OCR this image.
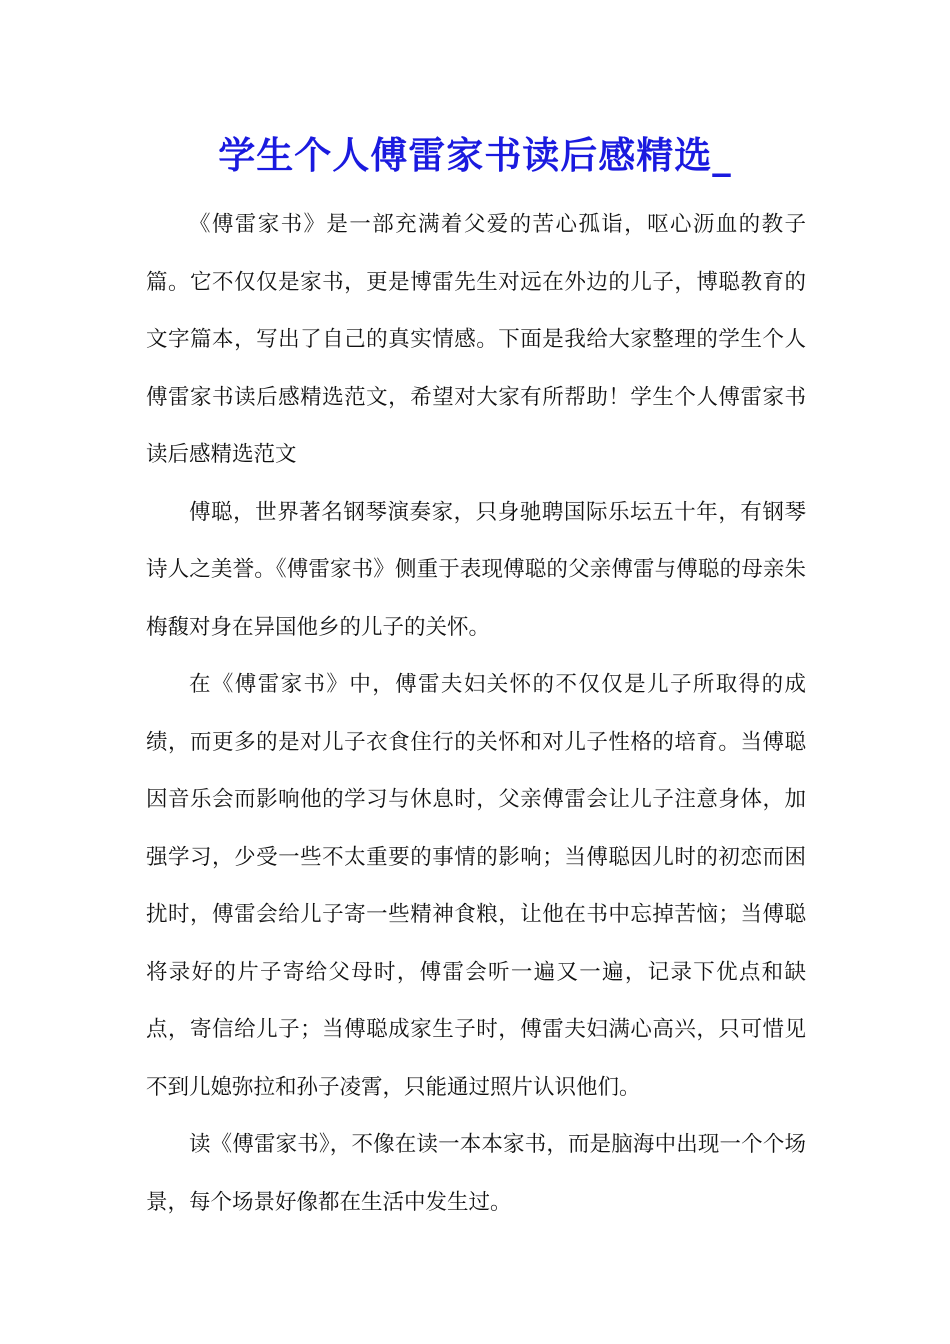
学生个人傅雷家书读后感精选_

《傅雷家书》是一部充满着父爱的苦心孤诣，呕心沥血的教子篇。它不仅仅是家书，更是博雷先生对远在外边的儿子，博聪教育的文字篇本，写出了自己的真实情感。下面是我给大家整理的学生个人傅雷家书读后感精选范文，希望对大家有所帮助！学生个人傅雷家书读后感精选范文

傅聪，世界著名钢琴演奏家，只身驰聘国际乐坛五十年，有钢琴诗人之美誉。《傅雷家书》侧重于表现傅聪的父亲傅雷与傅聪的母亲朱梅馥对身在异国他乡的儿子的关怀。

在《傅雷家书》中，傅雷夫妇关怀的不仅仅是儿子所取得的成绩，而更多的是对儿子衣食住行的关怀和对儿子性格的培育。当傅聪因音乐会而影响他的学习与休息时，父亲傅雷会让儿子注意身体，加强学习，少受一些不太重要的事情的影响；当傅聪因儿时的初恋而困扰时，傅雷会给儿子寄一些精神食粮，让他在书中忘掉苦恼；当傅聪将录好的片子寄给父母时，傅雷会听一遍又一遍，记录下优点和缺点，寄信给儿子；当傅聪成家生子时，傅雷夫妇满心高兴，只可惜见不到儿媳弥拉和孙子凌霄，只能通过照片认识他们。

读《傅雷家书》，不像在读一本本家书，而是脑海中出现一个个场景，每个场景好像都在生活中发生过。
